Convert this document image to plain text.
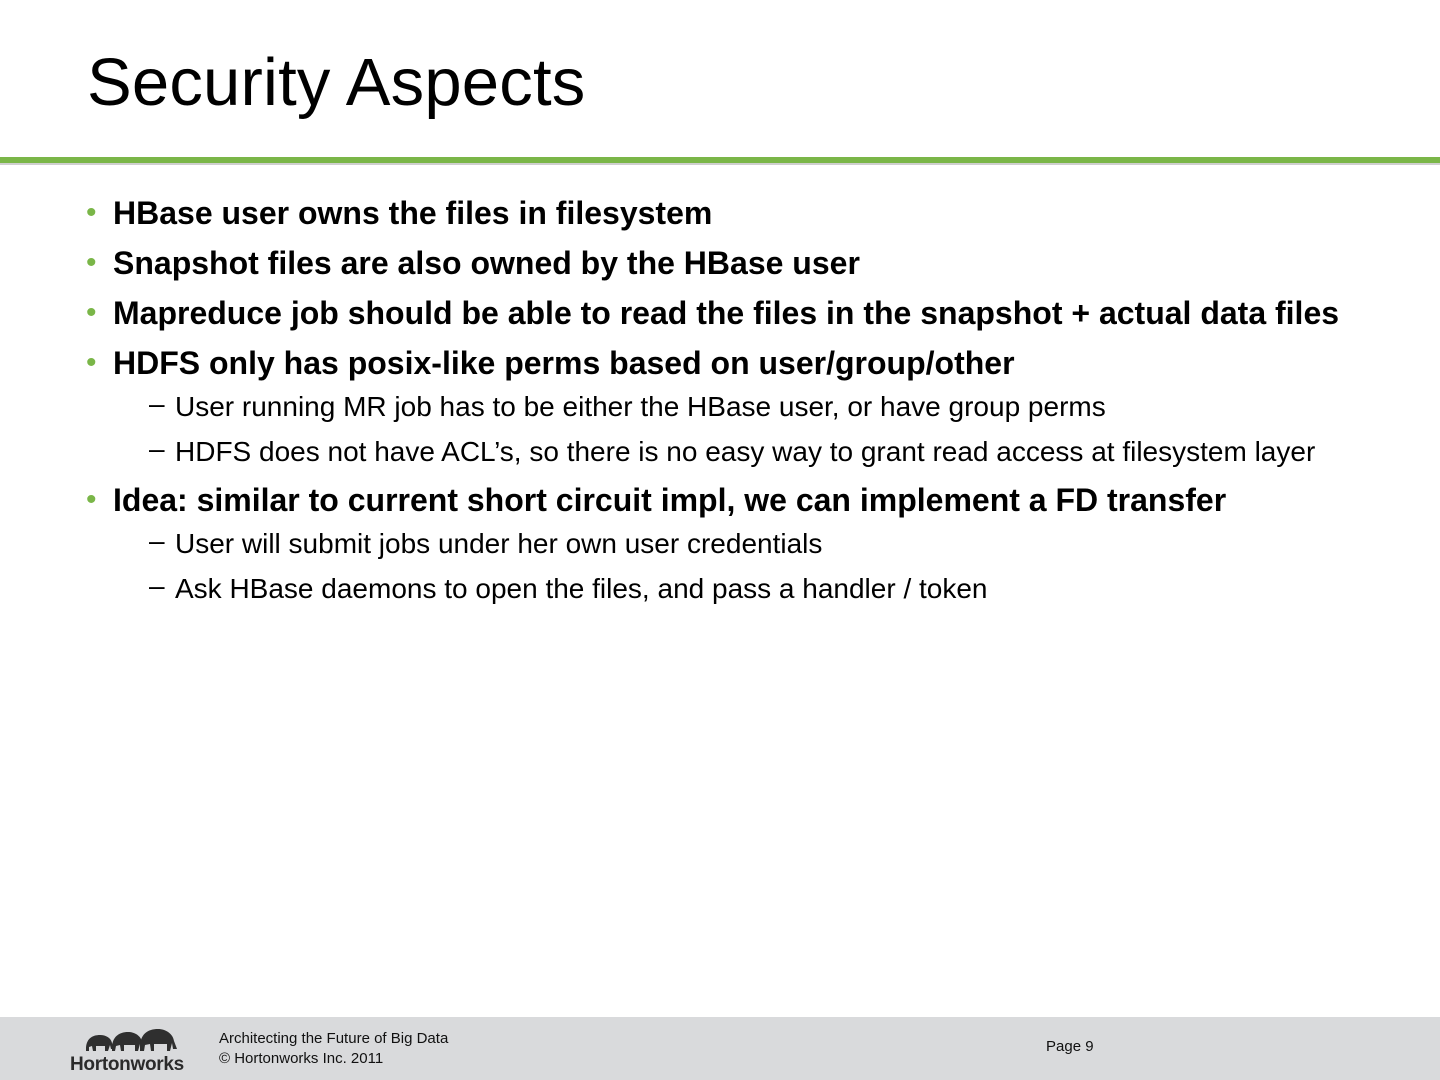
Security Aspects
• HBase user owns the files in filesystem
• Snapshot files are also owned by the HBase user
• Mapreduce job should be able to read the files in the snapshot + actual data files
• HDFS only has posix-like perms based on user/group/other
– User running MR job has to be either the HBase user, or have group perms
– HDFS does not have ACL’s, so there is no easy way to grant read access at filesystem layer
• Idea: similar to current short circuit impl, we can implement a FD transfer
– User will submit jobs under her own user credentials
– Ask HBase daemons to open the files, and pass a handler / token
Hortonworks
Architecting the Future of Big Data
© Hortonworks Inc. 2011
Page 9
